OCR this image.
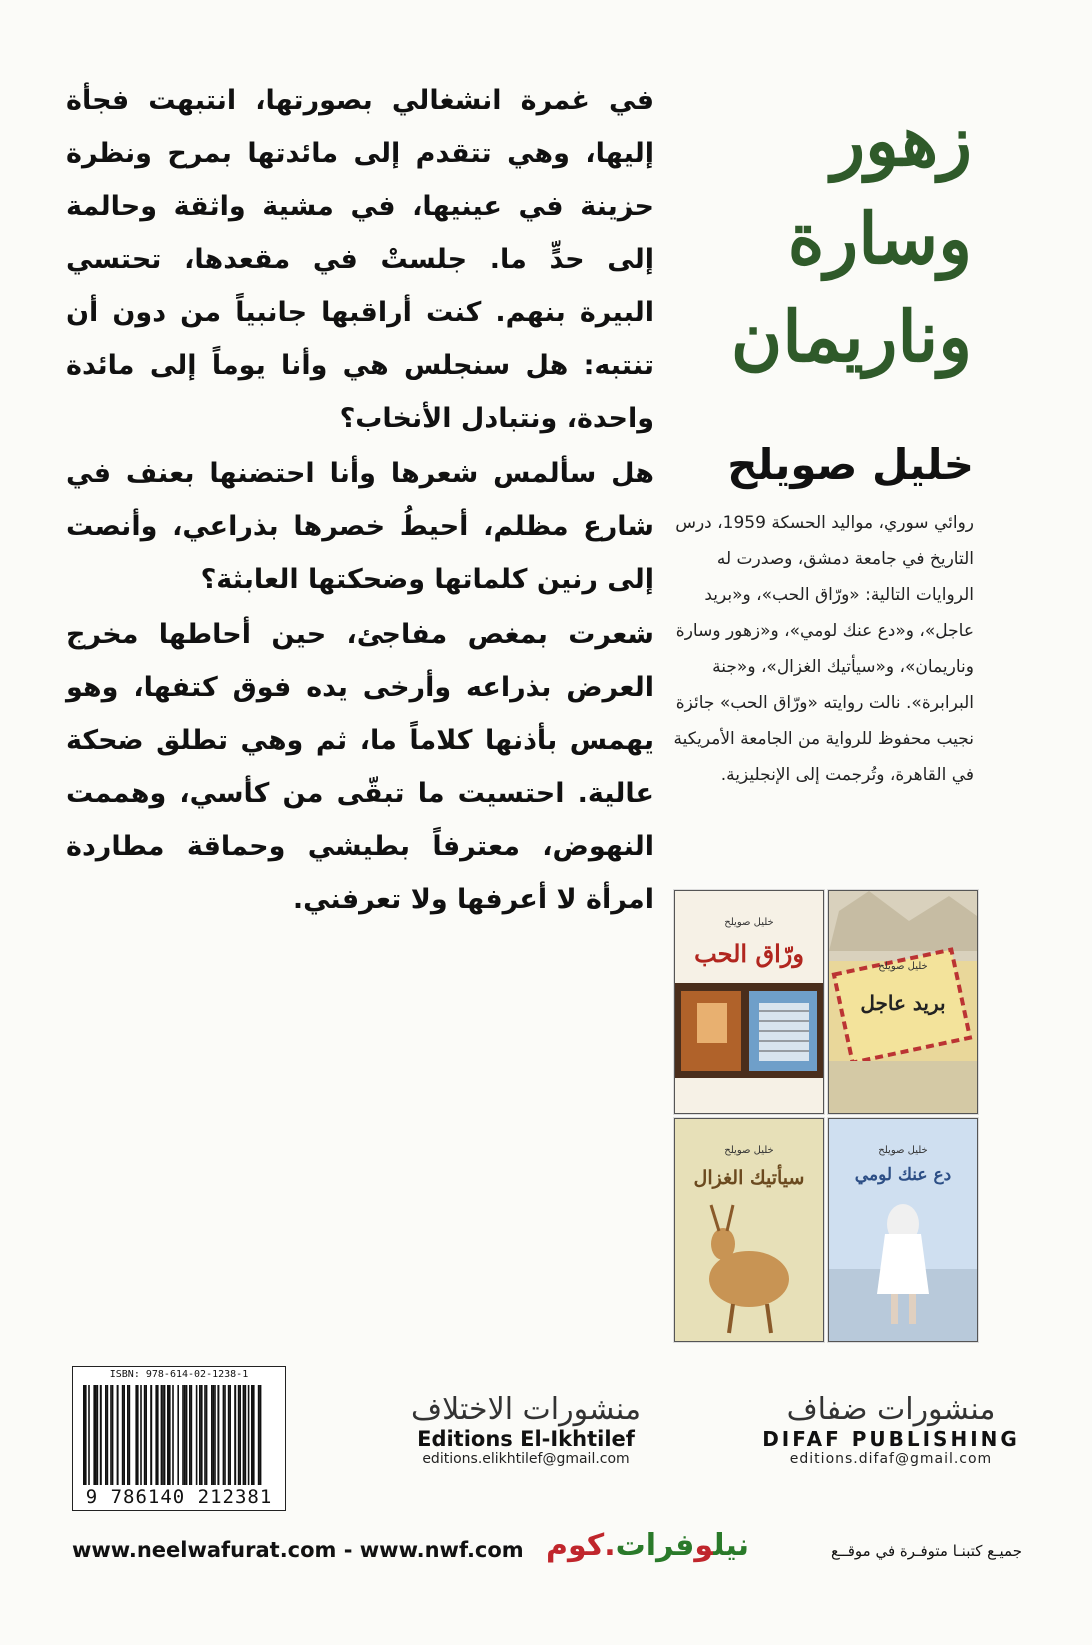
في غمرة انشغالي بصورتها، انتبهت فجأة إليها، وهي تتقدم إلى مائدتها بمرح ونظرة حزينة في عينيها، في مشية واثقة وحالمة إلى حدٍّ ما. جلستْ في مقعدها، تحتسي البيرة بنهم. كنت أراقبها جانبياً من دون أن تنتبه: هل سنجلس هي وأنا يوماً إلى مائدة واحدة، ونتبادل الأنخاب؟

هل سألمس شعرها وأنا احتضنها بعنف في شارع مظلم، أحيطُ خصرها بذراعي، وأنصت إلى رنين كلماتها وضحكتها العابثة؟

شعرت بمغص مفاجئ، حين أحاطها مخرج العرض بذراعه وأرخى يده فوق كتفها، وهو يهمس بأذنها كلاماً ما، ثم وهي تطلق ضحكة عالية. احتسيت ما تبقّى من كأسي، وهممت النهوض، معترفاً بطيشي وحماقة مطاردة امرأة لا أعرفها ولا تعرفني.

زهور
وسارة
وناريمان
خليل صويلح
روائي سوري، مواليد الحسكة 1959، درس التاريخ في جامعة دمشق، وصدرت له الروايات التالية: «ورّاق الحب»، و«بريد عاجل»، و«دع عنك لومي»، و«زهور وسارة وناريمان»، و«سيأتيك الغزال»، و«جنة البرابرة». نالت روايته «ورّاق الحب» جائزة نجيب محفوظ للرواية من الجامعة الأمريكية في القاهرة، وتُرجمت إلى الإنجليزية.
خليل صويلح
بريد عاجل
خليل صويلح
ورّاق الحب
خليل صويلح
دع عنك لومي
خليل صويلح
سيأتيك الغزال
ISBN: 978-614-02-1238-1
9 786140 212381
منشورات الاختلاف
Editions El-Ikhtilef
editions.elikhtilef@gmail.com
منشورات ضفاف
DIFAF PUBLISHING
editions.difaf@gmail.com
www.neelwafurat.com - www.nwf.com	نيلوفرات.كوم	جميـع كتبنـا متوفـرة في موقــع
